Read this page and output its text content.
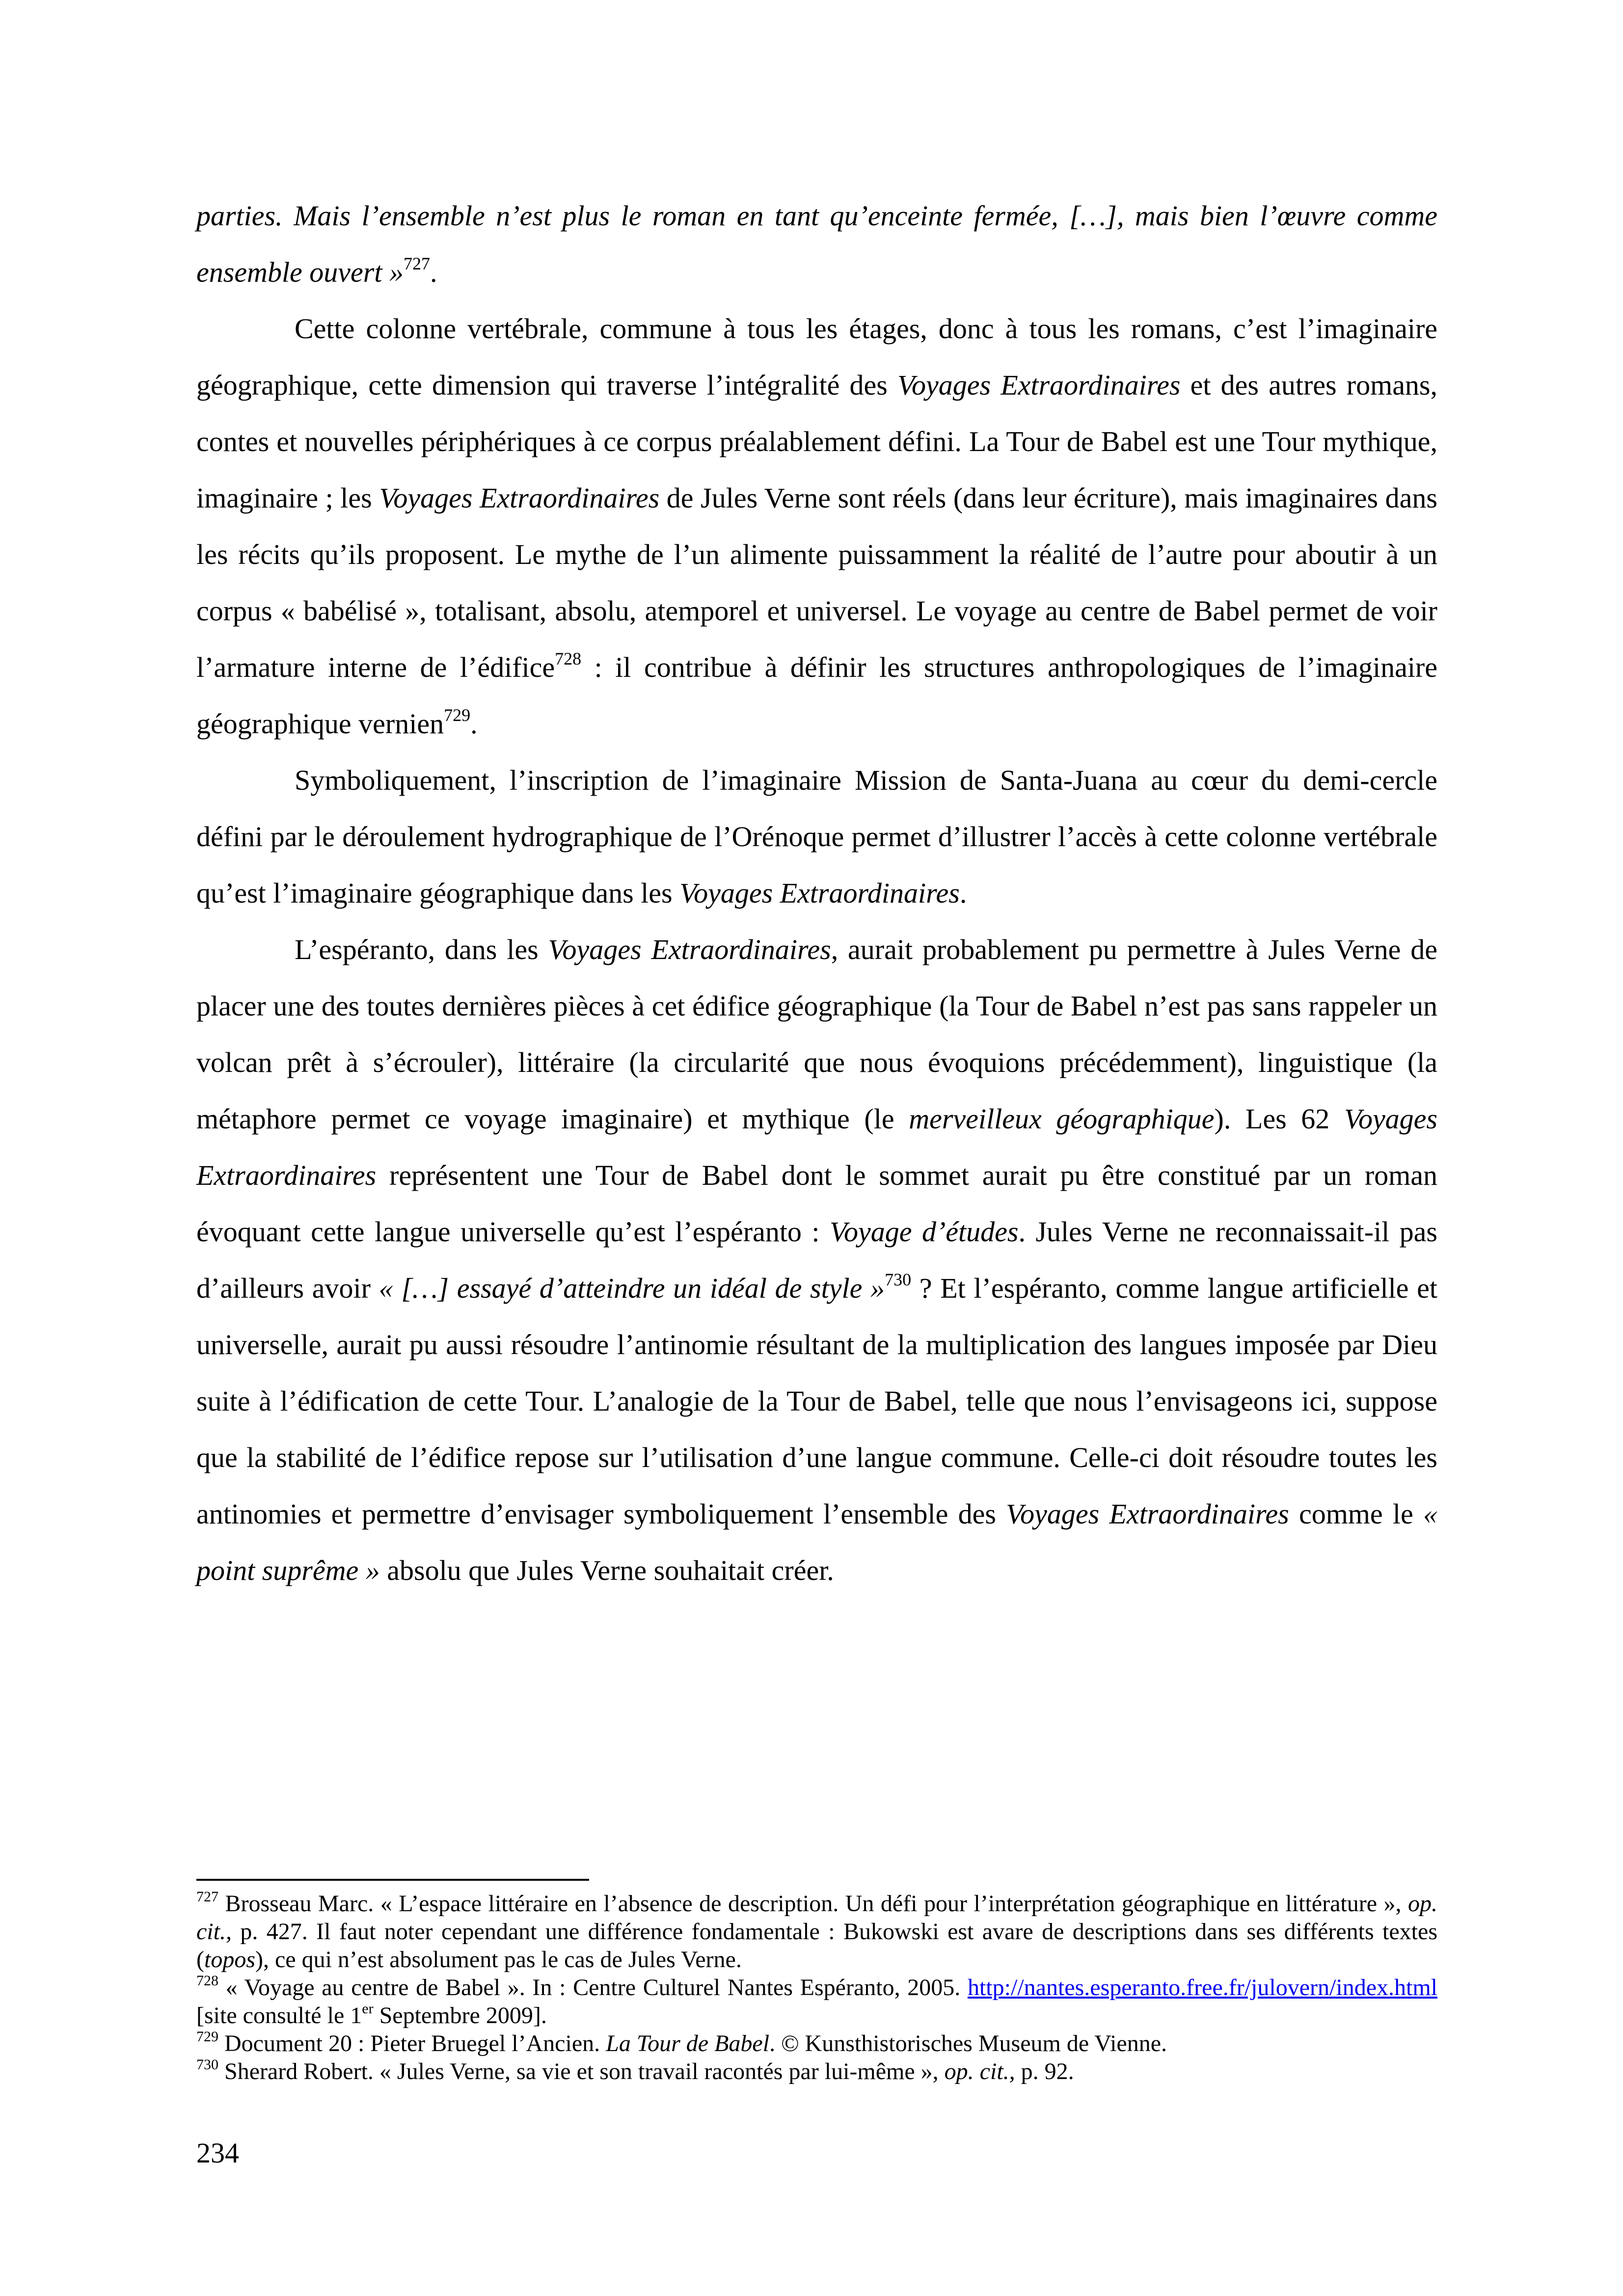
parties. Mais l’ensemble n’est plus le roman en tant qu’enceinte fermée, […], mais bien l’œuvre comme ensemble ouvert »$^{727}$.

Cette colonne vertébrale, commune à tous les étages, donc à tous les romans, c’est l’imaginaire géographique, cette dimension qui traverse l’intégralité des Voyages Extraordinaires et des autres romans, contes et nouvelles périphériques à ce corpus préalablement défini. La Tour de Babel est une Tour mythique, imaginaire ; les Voyages Extraordinaires de Jules Verne sont réels (dans leur écriture), mais imaginaires dans les récits qu’ils proposent. Le mythe de l’un alimente puissamment la réalité de l’autre pour aboutir à un corpus « babélisé », totalisant, absolu, atemporel et universel. Le voyage au centre de Babel permet de voir l’armature interne de l’édifice$^{728}$ : il contribue à définir les structures anthropologiques de l’imaginaire géographique vernien$^{729}$.

Symboliquement, l’inscription de l’imaginaire Mission de Santa-Juana au cœur du demi-cercle défini par le déroulement hydrographique de l’Orénoque permet d’illustrer l’accès à cette colonne vertébrale qu’est l’imaginaire géographique dans les Voyages Extraordinaires.

L’espéranto, dans les Voyages Extraordinaires, aurait probablement pu permettre à Jules Verne de placer une des toutes dernières pièces à cet édifice géographique (la Tour de Babel n’est pas sans rappeler un volcan prêt à s’écrouler), littéraire (la circularité que nous évoquions précédemment), linguistique (la métaphore permet ce voyage imaginaire) et mythique (le merveilleux géographique). Les 62 Voyages Extraordinaires représentent une Tour de Babel dont le sommet aurait pu être constitué par un roman évoquant cette langue universelle qu’est l’espéranto : Voyage d’études. Jules Verne ne reconnaissait-il pas d’ailleurs avoir « […] essayé d’atteindre un idéal de style »$^{730}$ ? Et l’espéranto, comme langue artificielle et universelle, aurait pu aussi résoudre l’antinomie résultant de la multiplication des langues imposée par Dieu suite à l’édification de cette Tour. L’analogie de la Tour de Babel, telle que nous l’envisageons ici, suppose que la stabilité de l’édifice repose sur l’utilisation d’une langue commune. Celle-ci doit résoudre toutes les antinomies et permettre d’envisager symboliquement l’ensemble des Voyages Extraordinaires comme le « point suprême » absolu que Jules Verne souhaitait créer.

$^{727}$ Brosseau Marc. « L’espace littéraire en l’absence de description. Un défi pour l’interprétation géographique en littérature », op. cit., p. 427. Il faut noter cependant une différence fondamentale : Bukowski est avare de descriptions dans ses différents textes (topos), ce qui n’est absolument pas le cas de Jules Verne.

$^{728}$ « Voyage au centre de Babel ». In : Centre Culturel Nantes Espéranto, 2005. http://nantes.esperanto.free.fr/julovern/index.html [site consulté le 1er Septembre 2009].

$^{729}$ Document 20 : Pieter Bruegel l’Ancien. La Tour de Babel. © Kunsthistorisches Museum de Vienne.

$^{730}$ Sherard Robert. « Jules Verne, sa vie et son travail racontés par lui-même », op. cit., p. 92.

234
